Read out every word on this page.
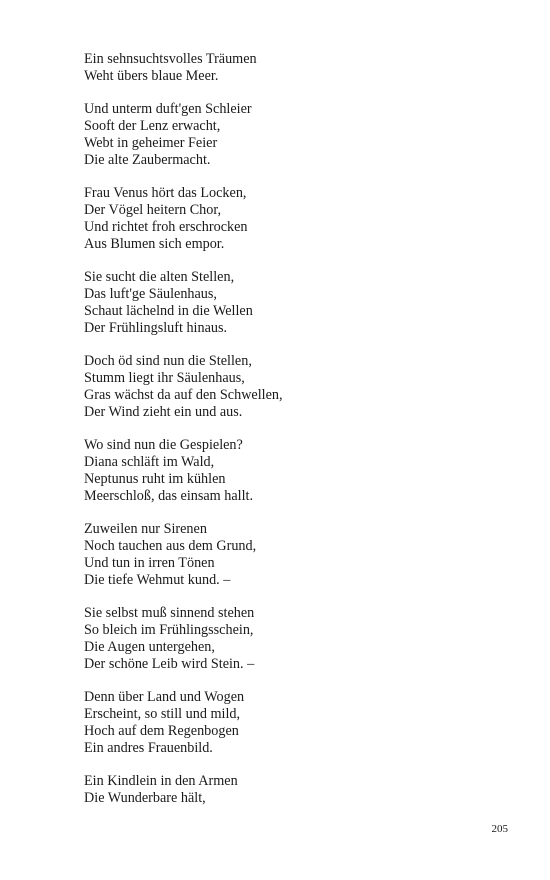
Ein sehnsuchtsvolles Träumen
Weht übers blaue Meer.
Und unterm duft'gen Schleier
Sooft der Lenz erwacht,
Webt in geheimer Feier
Die alte Zaubermacht.
Frau Venus hört das Locken,
Der Vögel heitern Chor,
Und richtet froh erschrocken
Aus Blumen sich empor.
Sie sucht die alten Stellen,
Das luft'ge Säulenhaus,
Schaut lächelnd in die Wellen
Der Frühlingsluft hinaus.
Doch öd sind nun die Stellen,
Stumm liegt ihr Säulenhaus,
Gras wächst da auf den Schwellen,
Der Wind zieht ein und aus.
Wo sind nun die Gespielen?
Diana schläft im Wald,
Neptunus ruht im kühlen
Meerschloß, das einsam hallt.
Zuweilen nur Sirenen
Noch tauchen aus dem Grund,
Und tun in irren Tönen
Die tiefe Wehmut kund. –
Sie selbst muß sinnend stehen
So bleich im Frühlingsschein,
Die Augen untergehen,
Der schöne Leib wird Stein. –
Denn über Land und Wogen
Erscheint, so still und mild,
Hoch auf dem Regenbogen
Ein andres Frauenbild.
Ein Kindlein in den Armen
Die Wunderbare hält,
205
